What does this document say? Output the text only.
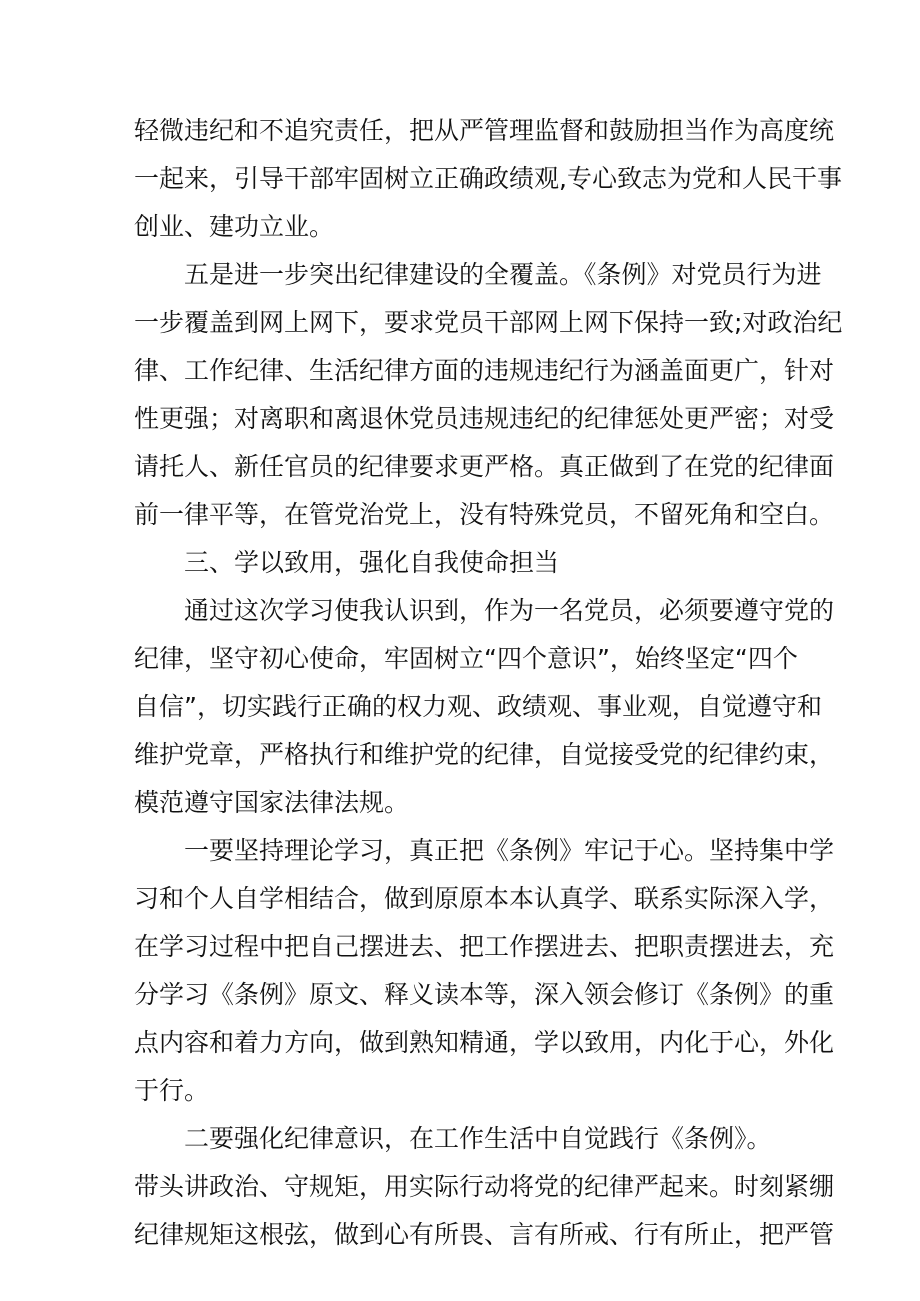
轻微违纪和不追究责任，把从严管理监督和鼓励担当作为高度统
一起来，引导干部牢固树立正确政绩观,专心致志为党和人民干事
创业、建功立业。
五是进一步突出纪律建设的全覆盖。《条例》对党员行为进
一步覆盖到网上网下，要求党员干部网上网下保持一致;对政治纪
律、工作纪律、生活纪律方面的违规违纪行为涵盖面更广，针对
性更强；对离职和离退休党员违规违纪的纪律惩处更严密；对受
请托人、新任官员的纪律要求更严格。真正做到了在党的纪律面
前一律平等，在管党治党上，没有特殊党员，不留死角和空白。
三、学以致用，强化自我使命担当
通过这次学习使我认识到，作为一名党员，必须要遵守党的
纪律，坚守初心使命，牢固树立“四个意识”，始终坚定“四个
自信”，切实践行正确的权力观、政绩观、事业观，自觉遵守和
维护党章，严格执行和维护党的纪律，自觉接受党的纪律约束，
模范遵守国家法律法规。
一要坚持理论学习，真正把《条例》牢记于心。坚持集中学
习和个人自学相结合，做到原原本本认真学、联系实际深入学，
在学习过程中把自己摆进去、把工作摆进去、把职责摆进去，充
分学习《条例》原文、释义读本等，深入领会修订《条例》的重
点内容和着力方向，做到熟知精通，学以致用，内化于心，外化
于行。
二要强化纪律意识，在工作生活中自觉践行《条例》。
带头讲政治、守规矩，用实际行动将党的纪律严起来。时刻紧绷
纪律规矩这根弦，做到心有所畏、言有所戒、行有所止，把严管
